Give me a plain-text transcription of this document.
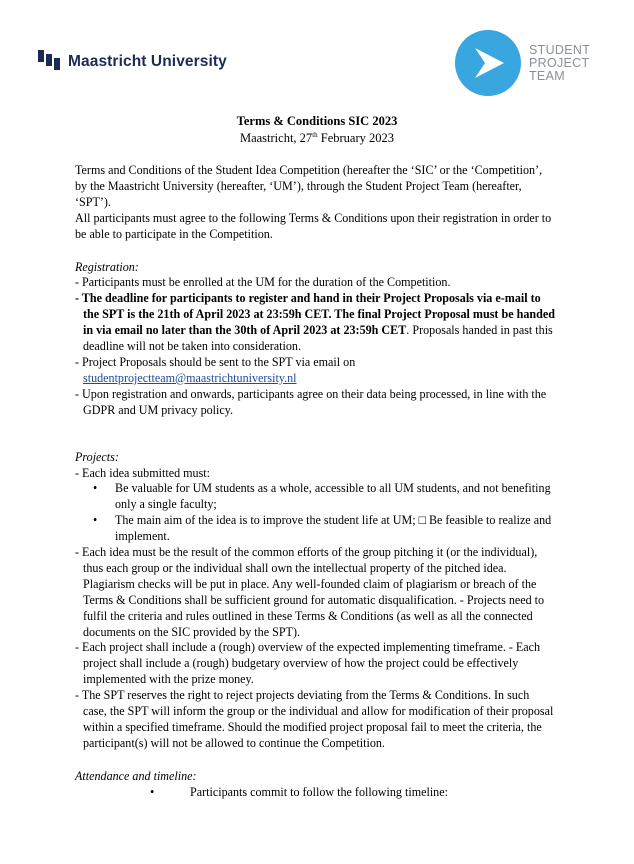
Maastricht University
STUDENT
PROJECT
TEAM
Terms & Conditions SIC 2023
Maastricht, 27th February 2023

Terms and Conditions of the Student Idea Competition (hereafter the ‘SIC’ or the ‘Competition’, by the Maastricht University (hereafter, ‘UM’), through the Student Project Team (hereafter, ‘SPT’).

All participants must agree to the following Terms & Conditions upon their registration in order to be able to participate in the Competition.

Registration:

- Participants must be enrolled at the UM for the duration of the Competition.

- The deadline for participants to register and hand in their Project Proposals via e-mail to the SPT is the 21th of April 2023 at 23:59h CET. The final Project Proposal must be handed in via email no later than the 30th of April 2023 at 23:59h CET. Proposals handed in past this deadline will not be taken into consideration.

- Project Proposals should be sent to the SPT via email on
studentprojectteam@maastrichtuniversity.nl

- Upon registration and onwards, participants agree on their data being processed, in line with the GDPR and UM privacy policy.

Projects:

- Each idea submitted must:

• Be valuable for UM students as a whole, accessible to all UM students, and not benefiting only a single faculty;

• The main aim of the idea is to improve the student life at UM; □ Be feasible to realize and implement.

- Each idea must be the result of the common efforts of the group pitching it (or the individual), thus each group or the individual shall own the intellectual property of the pitched idea. Plagiarism checks will be put in place. Any well-founded claim of plagiarism or breach of the Terms & Conditions shall be sufficient ground for automatic disqualification. - Projects need to fulfil the criteria and rules outlined in these Terms & Conditions (as well as all the connected documents on the SIC provided by the SPT).

- Each project shall include a (rough) overview of the expected implementing timeframe. - Each project shall include a (rough) budgetary overview of how the project could be effectively implemented with the prize money.

- The SPT reserves the right to reject projects deviating from the Terms & Conditions. In such case, the SPT will inform the group or the individual and allow for modification of their proposal within a specified timeframe. Should the modified project proposal fail to meet the criteria, the participant(s) will not be allowed to continue the Competition.

Attendance and timeline:

•	Participants commit to follow the following timeline:
